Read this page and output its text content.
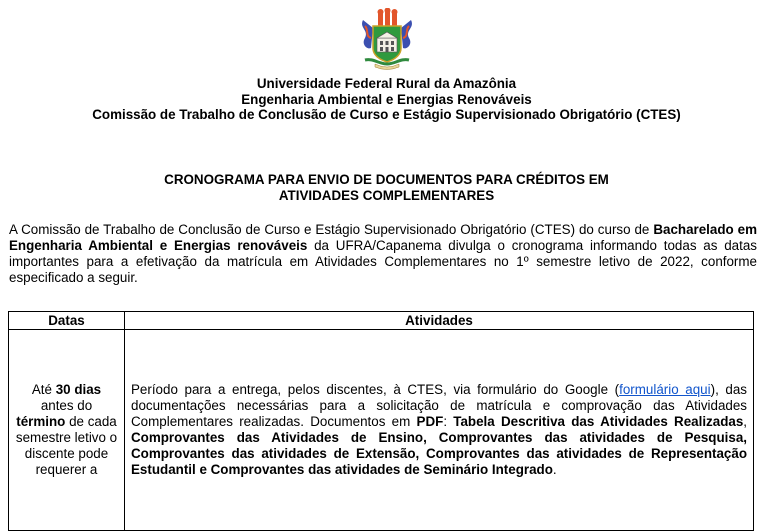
Universidade Federal Rural da Amazônia
Engenharia Ambiental e Energias Renováveis
Comissão de Trabalho de Conclusão de Curso e Estágio Supervisionado Obrigatório (CTES)
CRONOGRAMA PARA ENVIO DE DOCUMENTOS PARA CRÉDITOS EM
ATIVIDADES COMPLEMENTARES
A Comissão de Trabalho de Conclusão de Curso e Estágio Supervisionado Obrigatório (CTES) do curso de Bacharelado em Engenharia Ambiental e Energias renováveis da UFRA/Capanema divulga o cronograma informando todas as datas importantes para a efetivação da matrícula em Atividades Complementares no 1º semestre letivo de 2022, conforme especificado a seguir.
Datas	Atividades
Até 30 dias antes do término de cada semestre letivo o discente pode requerer a	Período para a entrega, pelos discentes, à CTES, via formulário do Google (formulário aqui), das documentações necessárias para a solicitação de matrícula e comprovação das Atividades Complementares realizadas. Documentos em PDF: Tabela Descritiva das Atividades Realizadas, Comprovantes das Atividades de Ensino, Comprovantes das atividades de Pesquisa, Comprovantes das atividades de Extensão, Comprovantes das atividades de Representação Estudantil e Comprovantes das atividades de Seminário Integrado.
